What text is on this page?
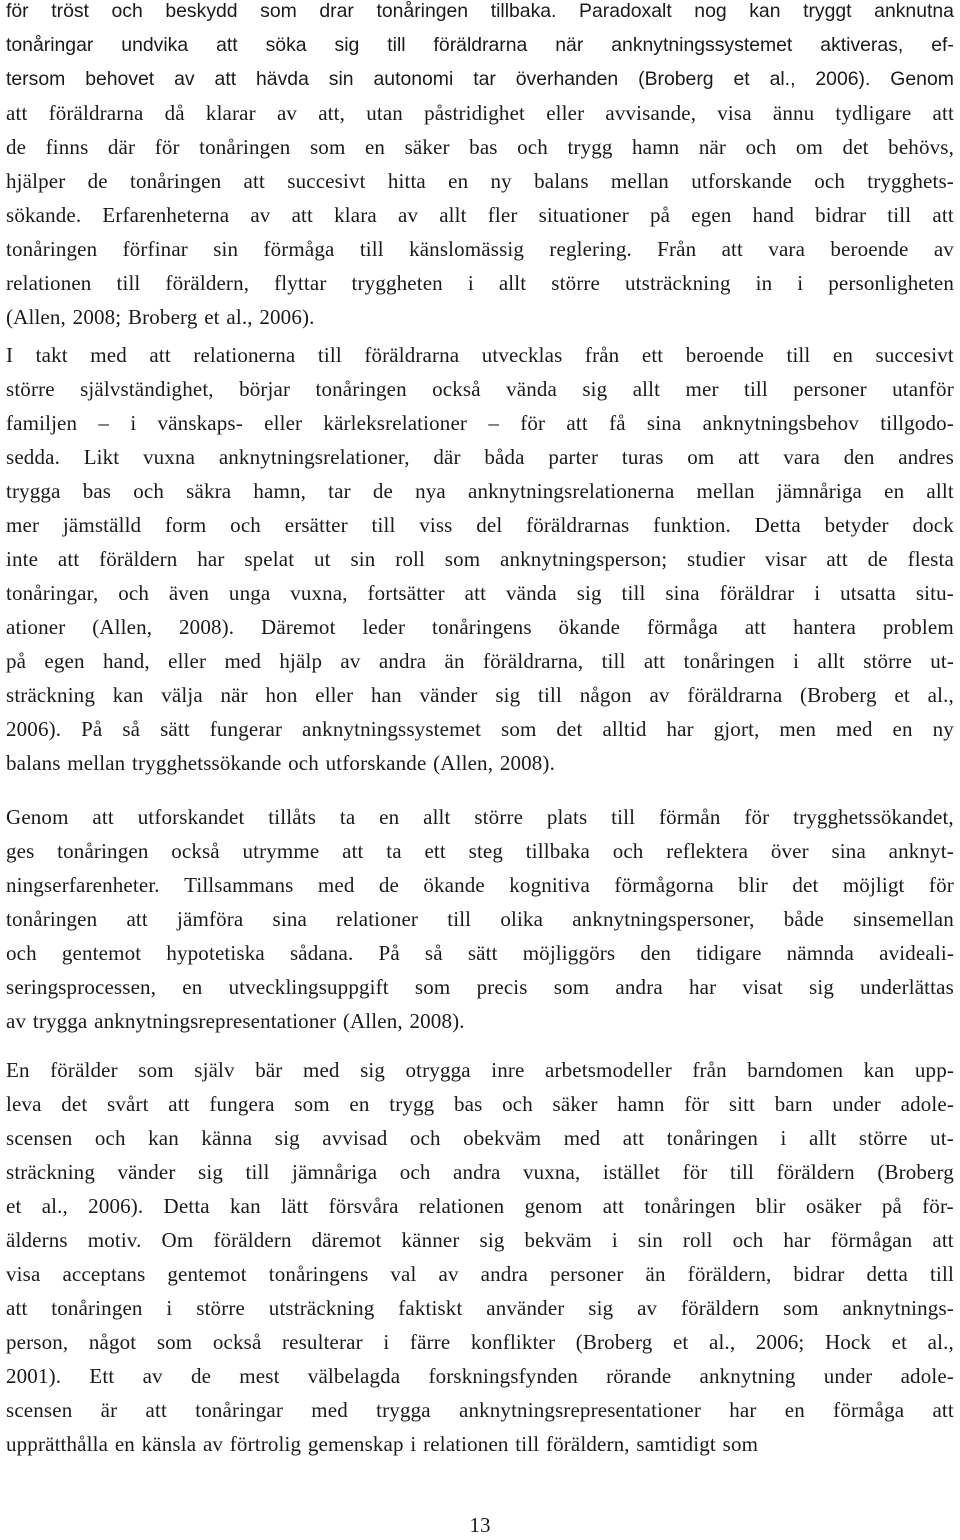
för tröst och beskydd som drar tonåringen tillbaka. Paradoxalt nog kan tryggt anknutna
tonåringar undvika att söka sig till föräldrarna när anknytningssystemet aktiveras, ef-
tersom behovet av att hävda sin autonomi tar överhanden (Broberg et al., 2006). Genom
att föräldrarna då klarar av att, utan påstridighet eller avvisande, visa ännu tydligare att
de finns där för tonåringen som en säker bas och trygg hamn när och om det behövs,
hjälper de tonåringen att succesivt hitta en ny balans mellan utforskande och trygghets-
sökande. Erfarenheterna av att klara av allt fler situationer på egen hand bidrar till att
tonåringen förfinar sin förmåga till känslomässig reglering. Från att vara beroende av
relationen till föräldern, flyttar tryggheten i allt större utsträckning in i personligheten
(Allen, 2008; Broberg et al., 2006).
I takt med att relationerna till föräldrarna utvecklas från ett beroende till en succesivt
större självständighet, börjar tonåringen också vända sig allt mer till personer utanför
familjen – i vänskaps- eller kärleksrelationer – för att få sina anknytningsbehov tillgodo-
sedda. Likt vuxna anknytningsrelationer, där båda parter turas om att vara den andres
trygga bas och säkra hamn, tar de nya anknytningsrelationerna mellan jämnåriga en allt
mer jämställd form och ersätter till viss del föräldrarnas funktion. Detta betyder dock
inte att föräldern har spelat ut sin roll som anknytningsperson; studier visar att de flesta
tonåringar, och även unga vuxna, fortsätter att vända sig till sina föräldrar i utsatta situ-
ationer (Allen, 2008). Däremot leder tonåringens ökande förmåga att hantera problem
på egen hand, eller med hjälp av andra än föräldrarna, till att tonåringen i allt större ut-
sträckning kan välja när hon eller han vänder sig till någon av föräldrarna (Broberg et al.,
2006). På så sätt fungerar anknytningssystemet som det alltid har gjort, men med en ny
balans mellan trygghetssökande och utforskande (Allen, 2008).
Genom att utforskandet tillåts ta en allt större plats till förmån för trygghetssökandet,
ges tonåringen också utrymme att ta ett steg tillbaka och reflektera över sina anknyt-
ningserfarenheter. Tillsammans med de ökande kognitiva förmågorna blir det möjligt för
tonåringen att jämföra sina relationer till olika anknytningspersoner, både sinsemellan
och gentemot hypotetiska sådana. På så sätt möjliggörs den tidigare nämnda avideali-
seringsprocessen, en utvecklingsuppgift som precis som andra har visat sig underlättas
av trygga anknytningsrepresentationer (Allen, 2008).
En förälder som själv bär med sig otrygga inre arbetsmodeller från barndomen kan upp-
leva det svårt att fungera som en trygg bas och säker hamn för sitt barn under adole-
scensen och kan känna sig avvisad och obekväm med att tonåringen i allt större ut-
sträckning vänder sig till jämnåriga och andra vuxna, istället för till föräldern (Broberg
et al., 2006). Detta kan lätt försvåra relationen genom att tonåringen blir osäker på för-
älderns motiv. Om föräldern däremot känner sig bekväm i sin roll och har förmågan att
visa acceptans gentemot tonåringens val av andra personer än föräldern, bidrar detta till
att tonåringen i större utsträckning faktiskt använder sig av föräldern som anknytnings-
person, något som också resulterar i färre konflikter (Broberg et al., 2006; Hock et al.,
2001). Ett av de mest välbelagda forskningsfynden rörande anknytning under adole-
scensen är att tonåringar med trygga anknytningsrepresentationer har en förmåga att
upprätthålla en känsla av förtrolig gemenskap i relationen till föräldern, samtidigt som
13
